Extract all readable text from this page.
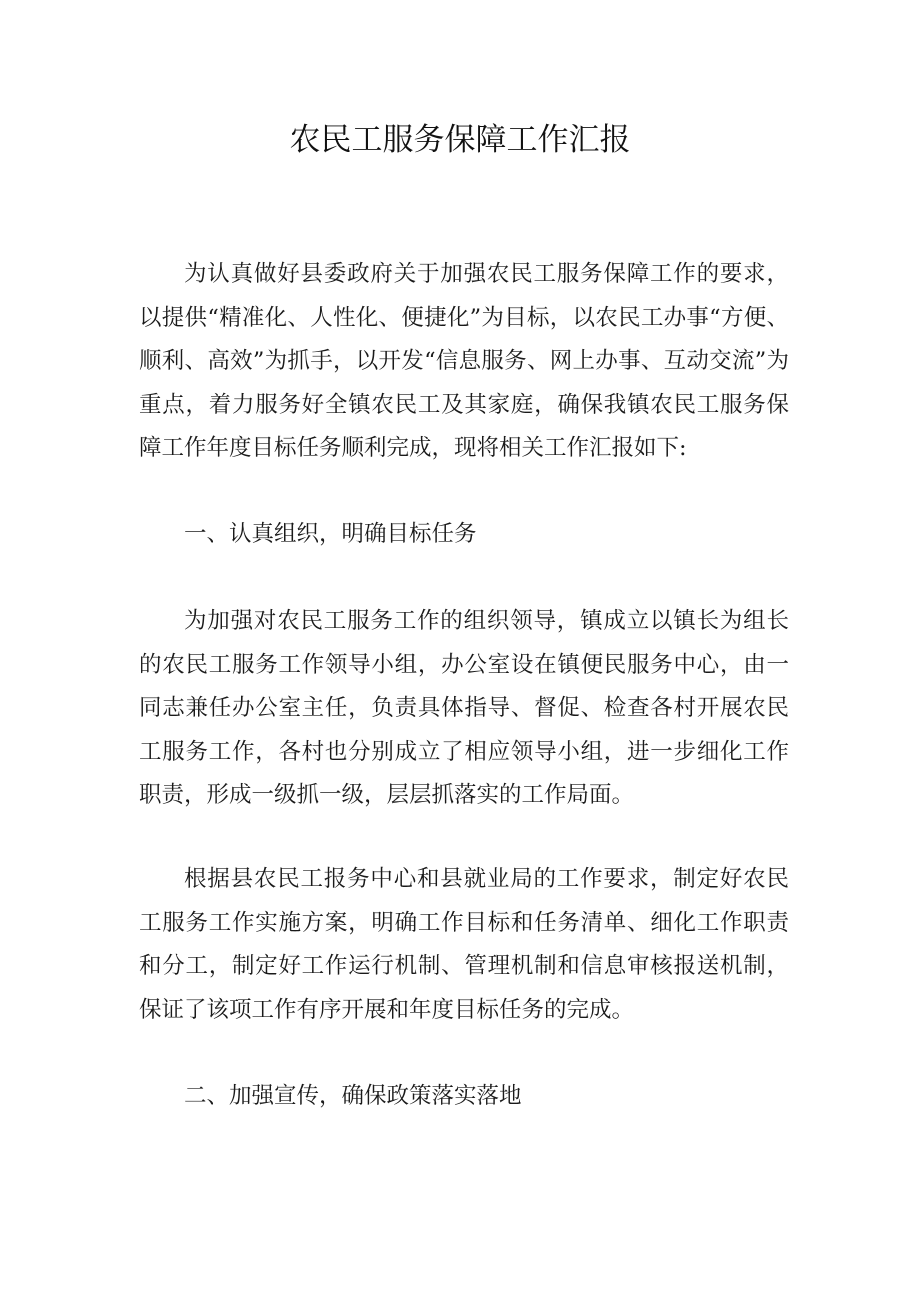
农民工服务保障工作汇报

为认真做好县委政府关于加强农民工服务保障工作的要求，以提供“精准化、人性化、便捷化”为目标，以农民工办事“方便、顺利、高效”为抓手，以开发“信息服务、网上办事、互动交流”为重点，着力服务好全镇农民工及其家庭，确保我镇农民工服务保障工作年度目标任务顺利完成，现将相关工作汇报如下:

一、认真组织，明确目标任务

为加强对农民工服务工作的组织领导，镇成立以镇长为组长的农民工服务工作领导小组，办公室设在镇便民服务中心，由一同志兼任办公室主任，负责具体指导、督促、检查各村开展农民工服务工作，各村也分别成立了相应领导小组，进一步细化工作职责，形成一级抓一级，层层抓落实的工作局面。

根据县农民工报务中心和县就业局的工作要求，制定好农民工服务工作实施方案，明确工作目标和任务清单、细化工作职责和分工，制定好工作运行机制、管理机制和信息审核报送机制，保证了该项工作有序开展和年度目标任务的完成。

二、加强宣传，确保政策落实落地
